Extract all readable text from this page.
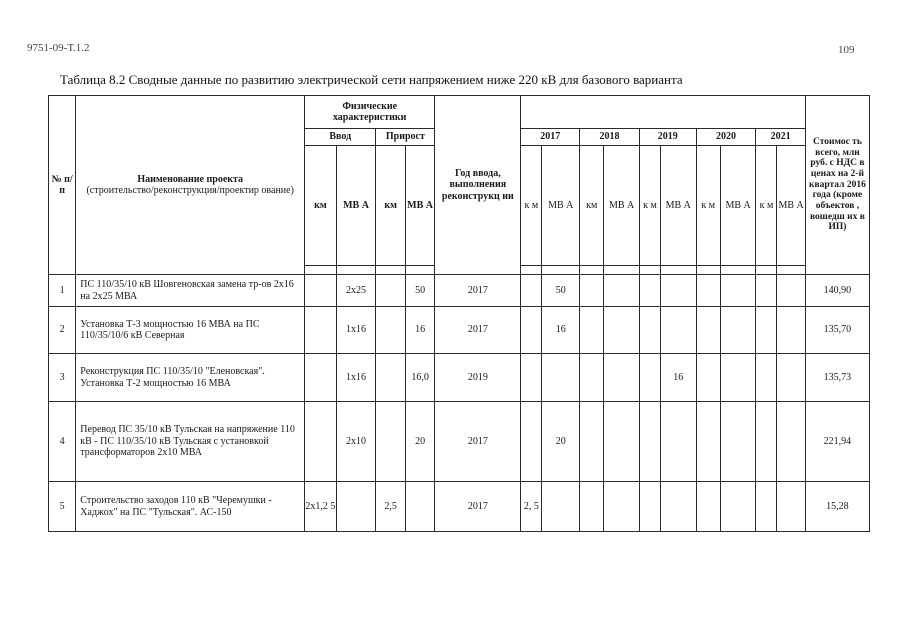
9751-09-Т.1.2	109
Таблица 8.2 Сводные данные по развитию электрической сети напряжением ниже 220 кВ для базового варианта
№ п/п	Наименование проекта
(строительство/реконструкция/проектир ование)	Физические характеристики				Год ввода, выполнения реконструкц ии											Стоимос ть всего, млн руб. с НДС в ценах на 2-й квартал 2016 года (кроме объектов , вошедш их в ИП)
		Ввод		Прирост			2017		2018		2019		2020		2021		
		км	МВ А	км	МВ А		к м	МВ А	км	МВ А	к м	МВ А	к м	МВ А	к м	МВ А	

1	ПС 110/35/10 кВ Шовгеновская замена тр-ов 2х16 на 2х25 МВА		2х25		50	2017		50									140,90
2	Установка Т-3 мощностью 16 МВА на ПС 110/35/10/6 кВ Северная		1х16		16	2017		16									135,70
3	Реконструкция ПС 110/35/10 "Еленовская". Установка Т-2 мощностью 16 МВА		1х16		16,0	2019						16					135,73
4	Перевод ПС 35/10 кВ Тульская на напряжение 110 кВ - ПС 110/35/10 кВ Тульская с установкой трансформаторов 2х10 МВА		2х10		20	2017		20									221,94
5	Строительство заходов 110 кВ "Черемушки - Хаджох" на ПС "Тульская". АС-150	2х1,2 5		2,5		2017	2, 5										15,28
